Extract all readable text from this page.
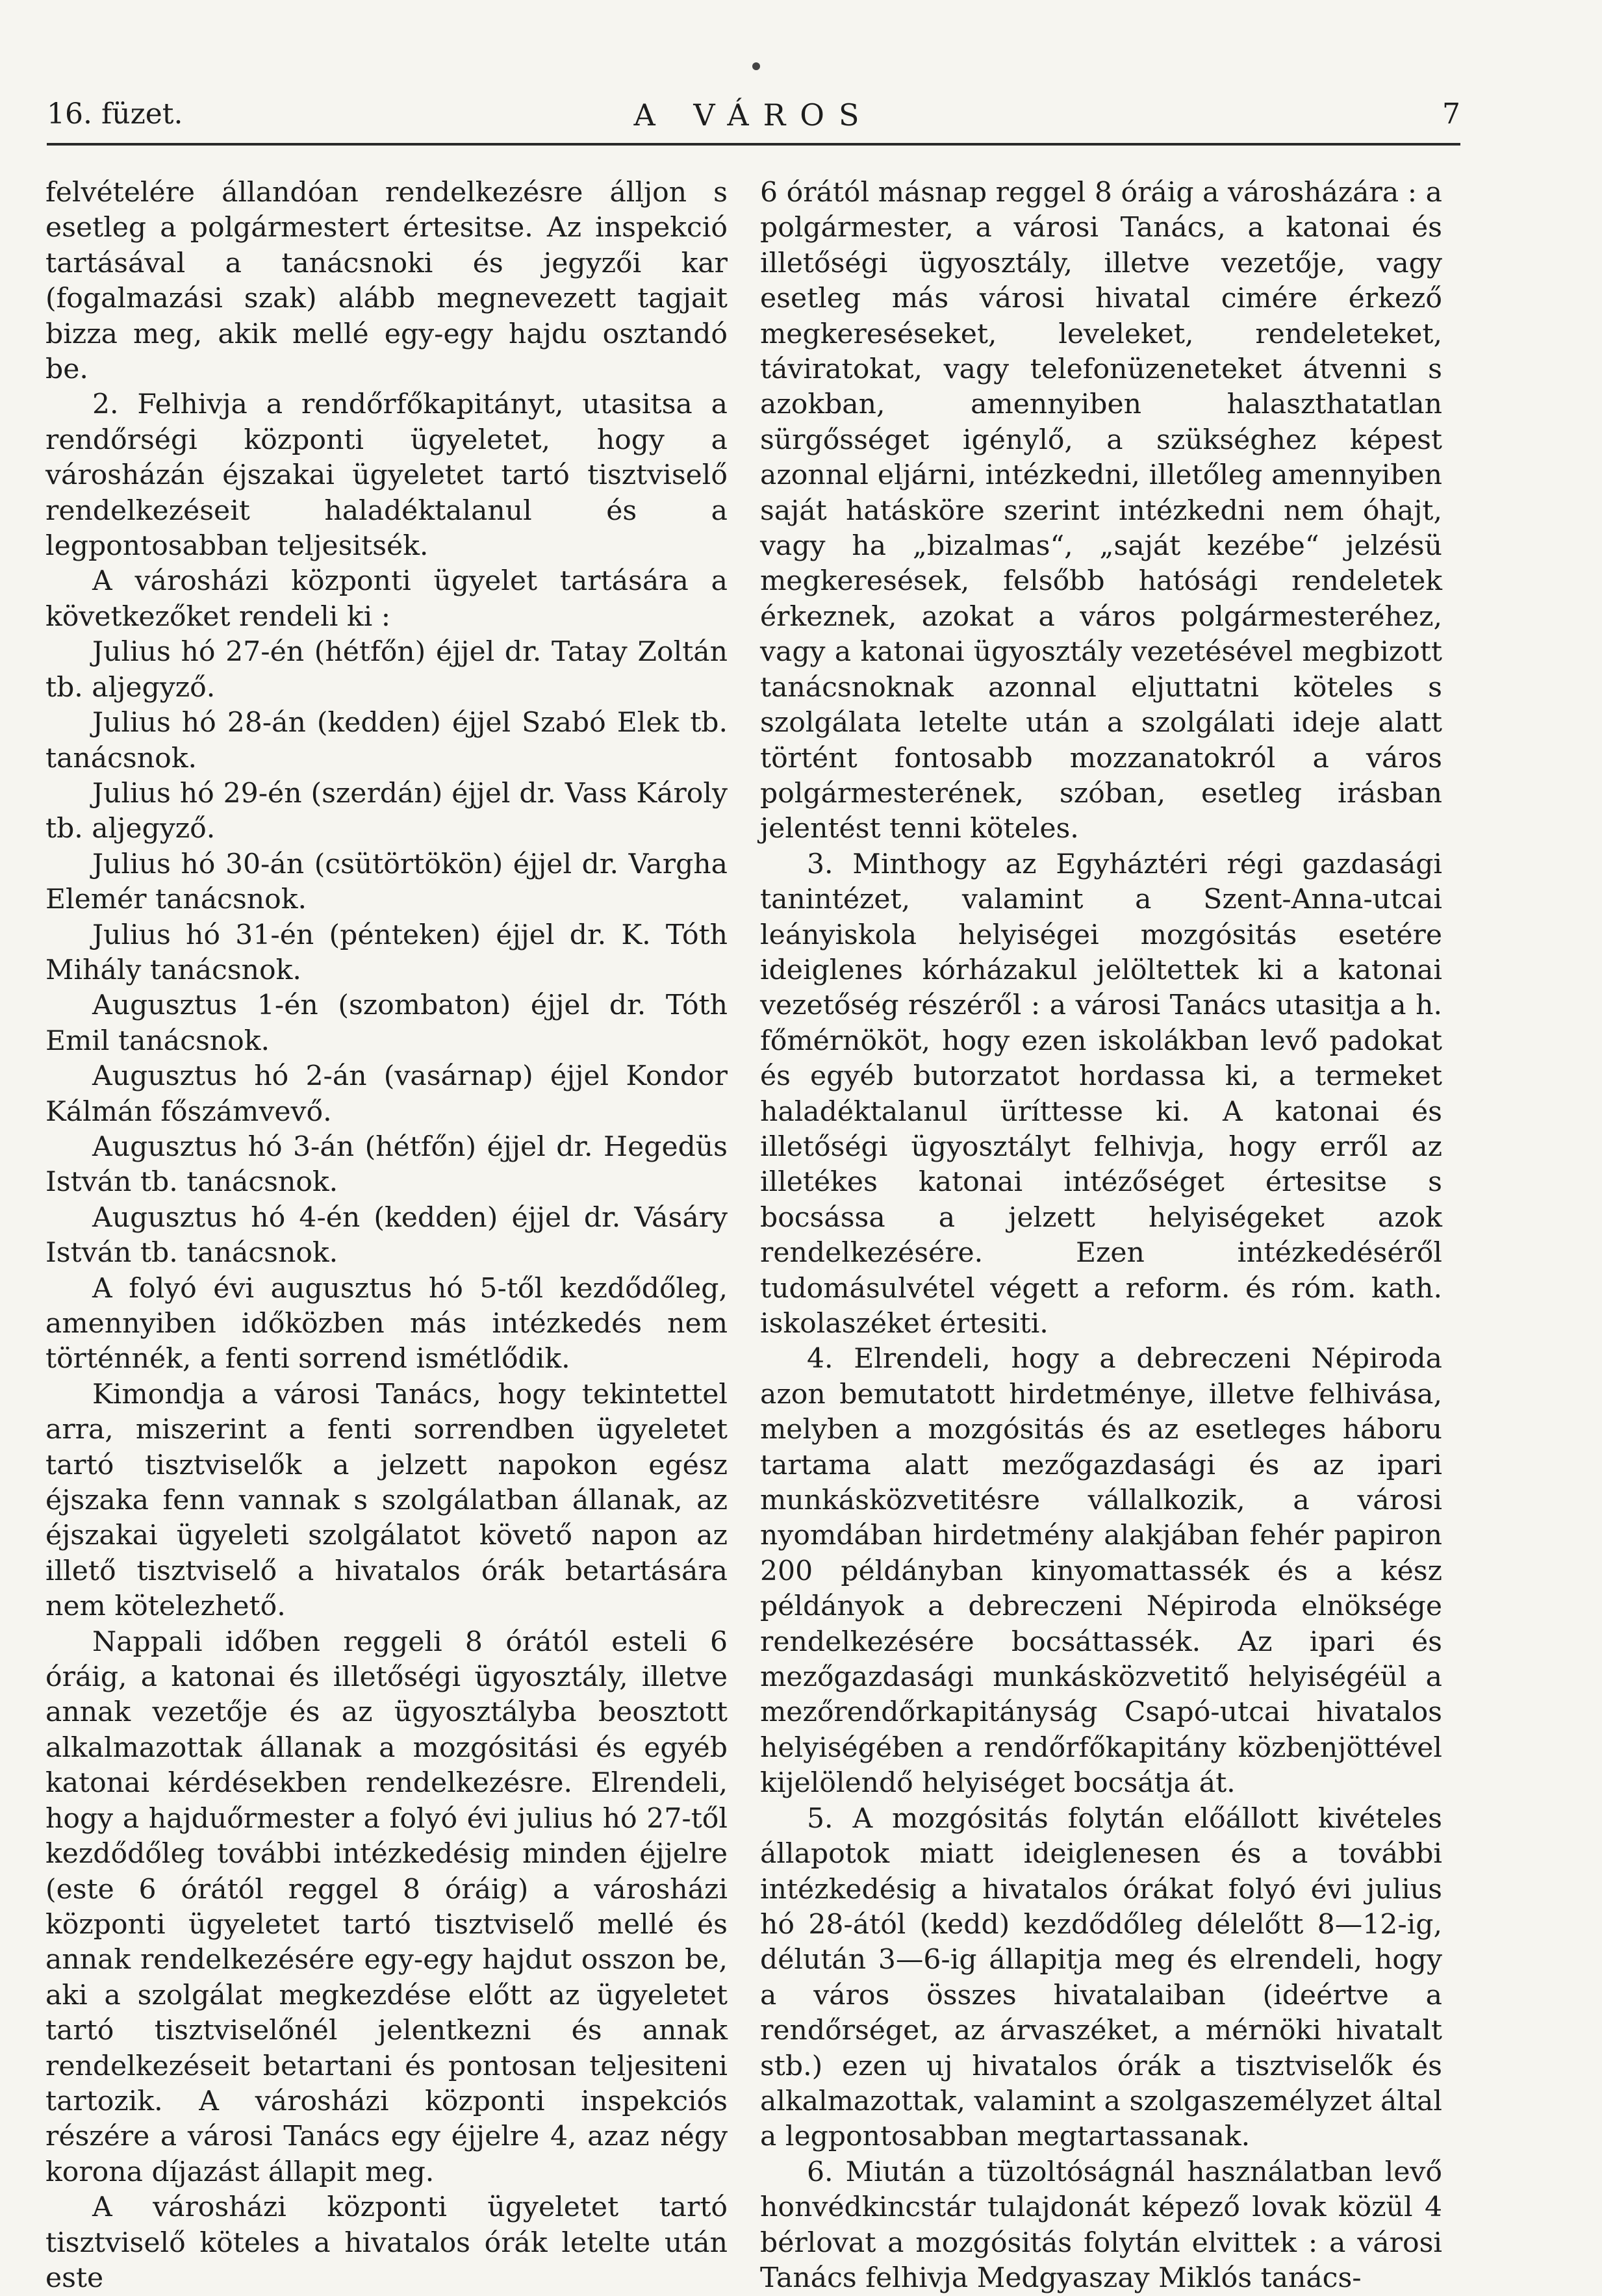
16. füzet.	A VÁROS	7

felvételére állandóan rendelkezésre álljon s esetleg a polgármestert értesitse. Az inspekció tartásával a tanácsnoki és jegyzői kar (fogalmazási szak) alább megnevezett tagjait bizza meg, akik mellé egy-egy hajdu osztandó be.

2. Felhivja a rendőrfőkapitányt, utasitsa a rendőrségi központi ügyeletet, hogy a városházán éjszakai ügyeletet tartó tisztviselő rendelkezéseit haladéktalanul és a legpontosabban teljesitsék.

A városházi központi ügyelet tartására a következőket rendeli ki :

Julius hó 27-én (hétfőn) éjjel dr. Tatay Zoltán tb. aljegyző.

Julius hó 28-án (kedden) éjjel Szabó Elek tb. tanácsnok.

Julius hó 29-én (szerdán) éjjel dr. Vass Károly tb. aljegyző.

Julius hó 30-án (csütörtökön) éjjel dr. Vargha Elemér tanácsnok.

Julius hó 31-én (pénteken) éjjel dr. K. Tóth Mihály tanácsnok.

Augusztus 1-én (szombaton) éjjel dr. Tóth Emil tanácsnok.

Augusztus hó 2-án (vasárnap) éjjel Kondor Kálmán főszámvevő.

Augusztus hó 3-án (hétfőn) éjjel dr. Hegedüs István tb. tanácsnok.

Augusztus hó 4-én (kedden) éjjel dr. Vásáry István tb. tanácsnok.

A folyó évi augusztus hó 5-től kezdődőleg, amennyiben időközben más intézkedés nem történnék, a fenti sorrend ismétlődik.

Kimondja a városi Tanács, hogy tekintettel arra, miszerint a fenti sorrendben ügyeletet tartó tisztviselők a jelzett napokon egész éjszaka fenn vannak s szolgálatban állanak, az éjszakai ügyeleti szolgálatot követő napon az illető tisztviselő a hivatalos órák betartására nem kötelezhető.

Nappali időben reggeli 8 órától esteli 6 óráig, a katonai és illetőségi ügyosztály, illetve annak vezetője és az ügyosztályba beosztott alkalmazottak állanak a mozgósitási és egyéb katonai kérdésekben rendelkezésre. Elrendeli, hogy a hajduőrmester a folyó évi julius hó 27-től kezdődőleg további intézkedésig minden éjjelre (este 6 órától reggel 8 óráig) a városházi központi ügyeletet tartó tisztviselő mellé és annak rendelkezésére egy-egy hajdut osszon be, aki a szolgálat megkezdése előtt az ügyeletet tartó tisztviselőnél jelentkezni és annak rendelkezéseit betartani és pontosan teljesiteni tartozik. A városházi központi inspekciós részére a városi Tanács egy éjjelre 4, azaz négy korona díjazást állapit meg.

A városházi központi ügyeletet tartó tisztviselő köteles a hivatalos órák letelte után este

6 órától másnap reggel 8 óráig a városházára : a polgármester, a városi Tanács, a katonai és illetőségi ügyosztály, illetve vezetője, vagy esetleg más városi hivatal cimére érkező megkereséseket, leveleket, rendeleteket, táviratokat, vagy telefonüzeneteket átvenni s azokban, amennyiben halaszthatatlan sürgősséget igénylő, a szükséghez képest azonnal eljárni, intézkedni, illetőleg amennyiben saját hatásköre szerint intézkedni nem óhajt, vagy ha „bizalmas“, „saját kezébe“ jelzésü megkeresések, felsőbb hatósági rendeletek érkeznek, azokat a város polgármesteréhez, vagy a katonai ügyosztály vezetésével megbizott tanácsnoknak azonnal eljuttatni köteles s szolgálata letelte után a szolgálati ideje alatt történt fontosabb mozzanatokról a város polgármesterének, szóban, esetleg irásban jelentést tenni köteles.

3. Minthogy az Egyháztéri régi gazdasági tanintézet, valamint a Szent-Anna-utcai leányiskola helyiségei mozgósitás esetére ideiglenes kórházakul jelöltettek ki a katonai vezetőség részéről : a városi Tanács utasitja a h. főmérnököt, hogy ezen iskolákban levő padokat és egyéb butorzatot hordassa ki, a termeket haladéktalanul üríttesse ki. A katonai és illetőségi ügyosztályt felhivja, hogy erről az illetékes katonai intézőséget értesitse s bocsássa a jelzett helyiségeket azok rendelkezésére. Ezen intézkedéséről tudomásulvétel végett a reform. és róm. kath. iskolaszéket értesiti.

4. Elrendeli, hogy a debreczeni Népiroda azon bemutatott hirdetménye, illetve felhivása, melyben a mozgósitás és az esetleges háboru tartama alatt mezőgazdasági és az ipari munkásközvetitésre vállalkozik, a városi nyomdában hirdetmény alakjában fehér papiron 200 példányban kinyomattassék és a kész példányok a debreczeni Népiroda elnöksége rendelkezésére bocsáttassék. Az ipari és mezőgazdasági munkásközvetitő helyiségéül a mezőrendőrkapitányság Csapó-utcai hivatalos helyiségében a rendőrfőkapitány közbenjöttével kijelölendő helyiséget bocsátja át.

5. A mozgósitás folytán előállott kivételes állapotok miatt ideiglenesen és a további intézkedésig a hivatalos órákat folyó évi julius hó 28-ától (kedd) kezdődőleg délelőtt 8—12-ig, délután 3—6-ig állapitja meg és elrendeli, hogy a város összes hivatalaiban (ideértve a rendőrséget, az árvaszéket, a mérnöki hivatalt stb.) ezen uj hivatalos órák a tisztviselők és alkalmazottak, valamint a szolgaszemélyzet által a legpontosabban megtartassanak.

6. Miután a tüzoltóságnál használatban levő honvédkincstár tulajdonát képező lovak közül 4 bérlovat a mozgósitás folytán elvittek : a városi Tanács felhivja Medgyaszay Miklós tanács-
